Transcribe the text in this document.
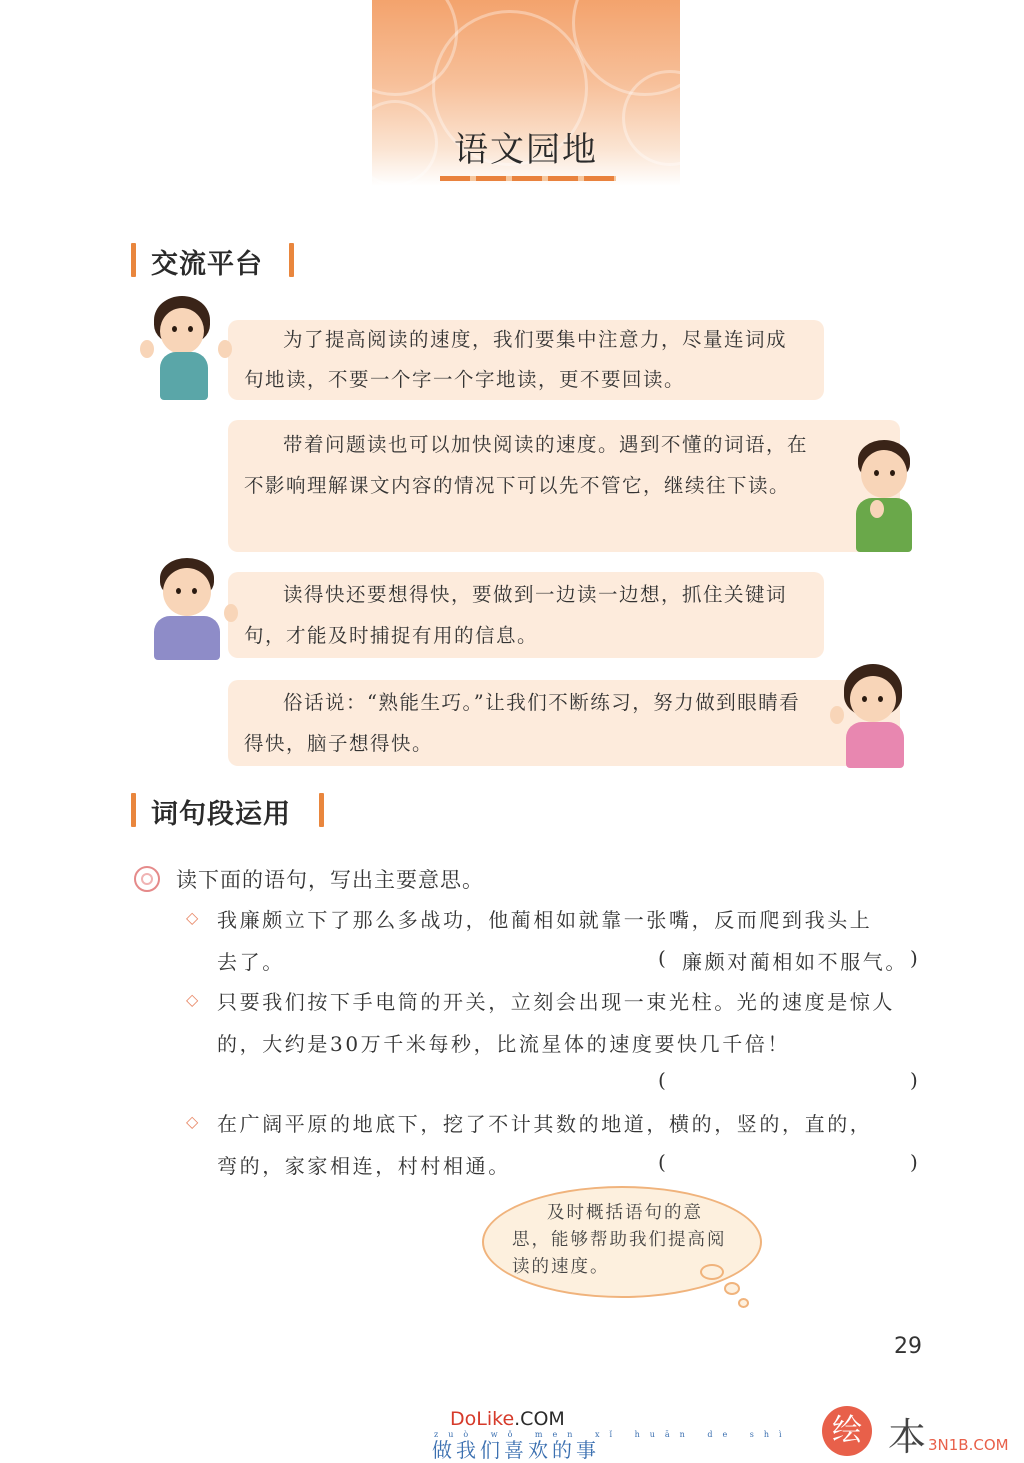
语文园地
交流平台

为了提高阅读的速度，我们要集中注意力，尽量连词成句地读，不要一个字一个字地读，更不要回读。

带着问题读也可以加快阅读的速度。遇到不懂的词语，在不影响理解课文内容的情况下可以先不管它，继续往下读。

读得快还要想得快，要做到一边读一边想，抓住关键词句，才能及时捕捉有用的信息。

俗话说：“熟能生巧。”让我们不断练习，努力做到眼睛看得快，脑子想得快。

词句段运用
读下面的语句，写出主要意思。
◇ 我廉颇立下了那么多战功，他蔺相如就靠一张嘴，反而爬到我头上
去了。	( 廉颇对蔺相如不服气。 )
◇ 只要我们按下手电筒的开关，立刻会出现一束光柱。光的速度是惊人
的，大约是30万千米每秒，比流星体的速度要快几千倍！
(	)
◇ 在广阔平原的地底下，挖了不计其数的地道，横的，竖的，直的，
弯的，家家相连，村村相通。	(	)
及时概括语句的意思，能够帮助我们提高阅读的速度。
29
DoLike.COM
zuò wǒ men xǐ huān de shì
做我们喜欢的事
绘 本 3N1B.COM
